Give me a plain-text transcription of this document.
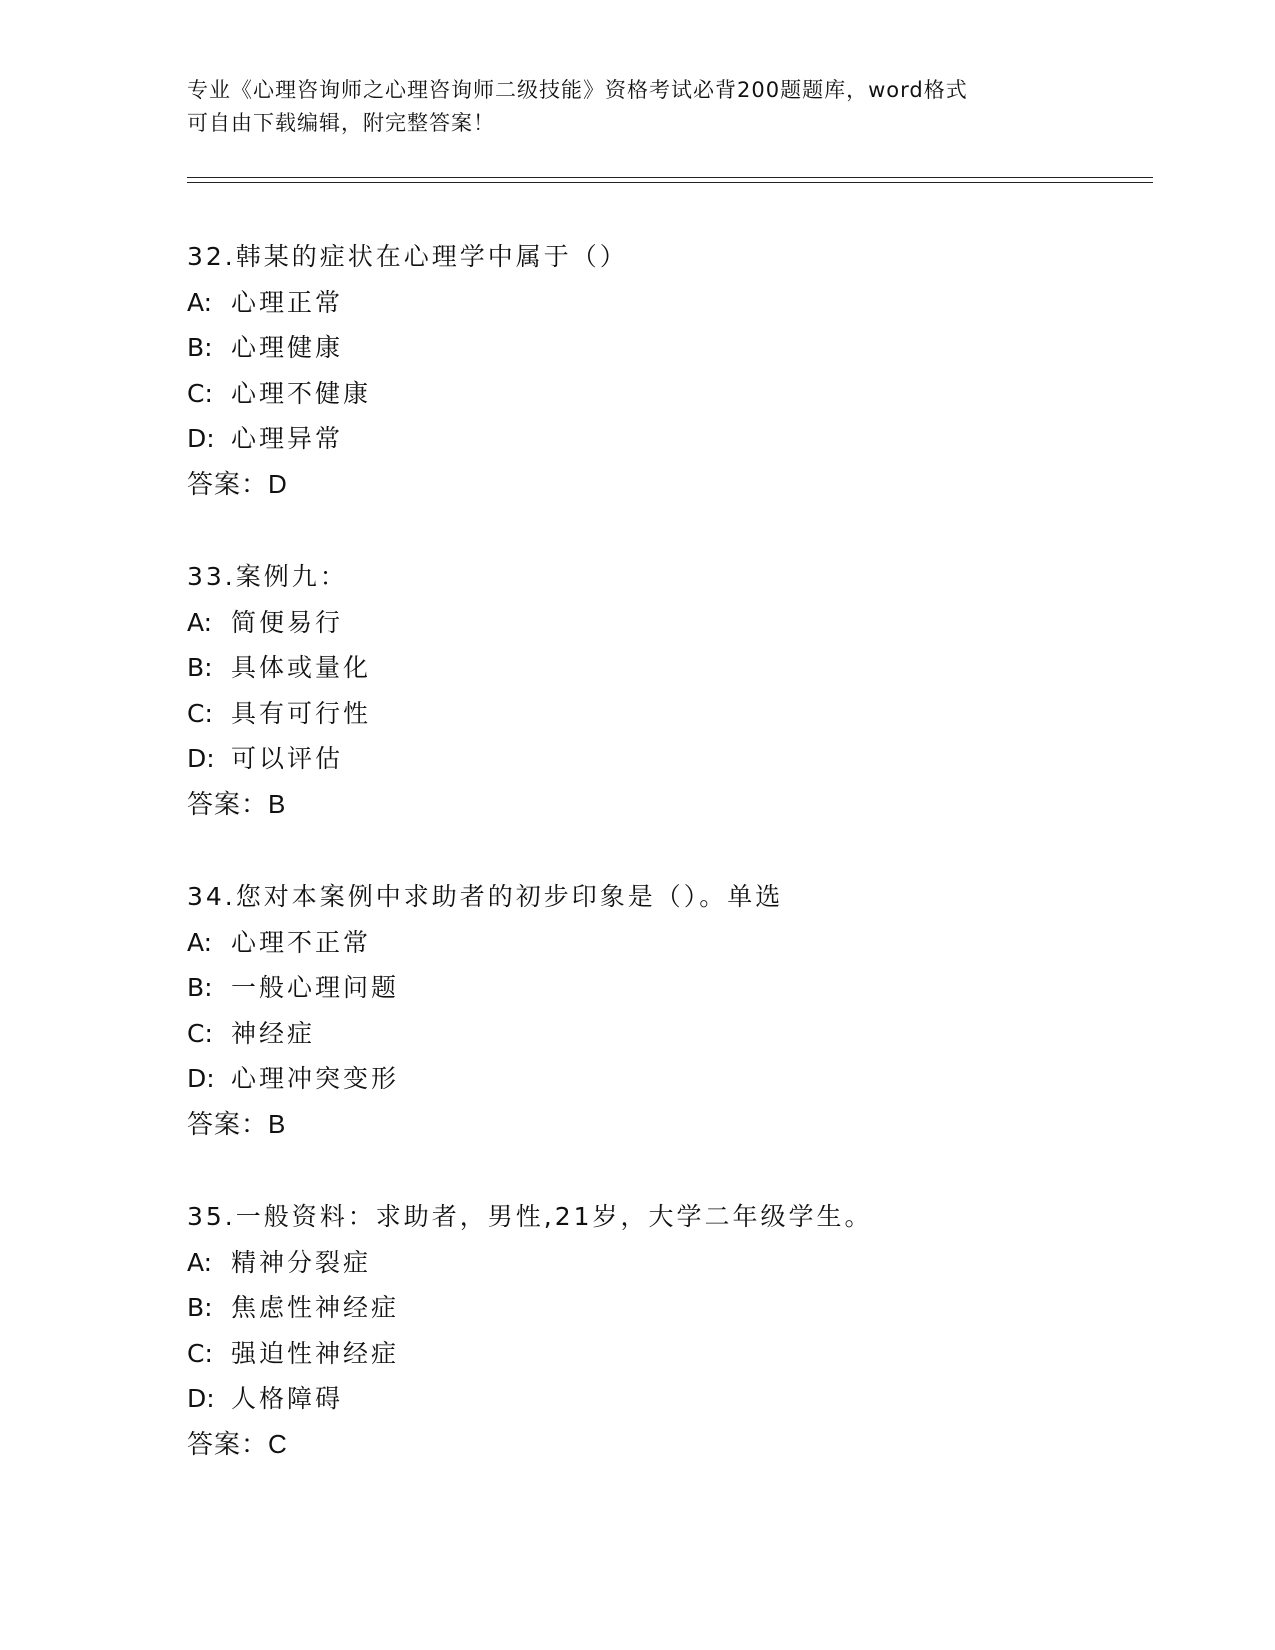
专业《心理咨询师之心理咨询师二级技能》资格考试必背200题题库，word格式
可自由下载编辑，附完整答案！
32.韩某的症状在心理学中属于（）
A: 心理正常
B: 心理健康
C: 心理不健康
D: 心理异常
答案：D
33.案例九：
A: 简便易行
B: 具体或量化
C: 具有可行性
D: 可以评估
答案：B
34.您对本案例中求助者的初步印象是（）。单选
A: 心理不正常
B: 一般心理问题
C: 神经症
D: 心理冲突变形
答案：B
35.一般资料：求助者，男性,21岁，大学二年级学生。
A: 精神分裂症
B: 焦虑性神经症
C: 强迫性神经症
D: 人格障碍
答案：C
